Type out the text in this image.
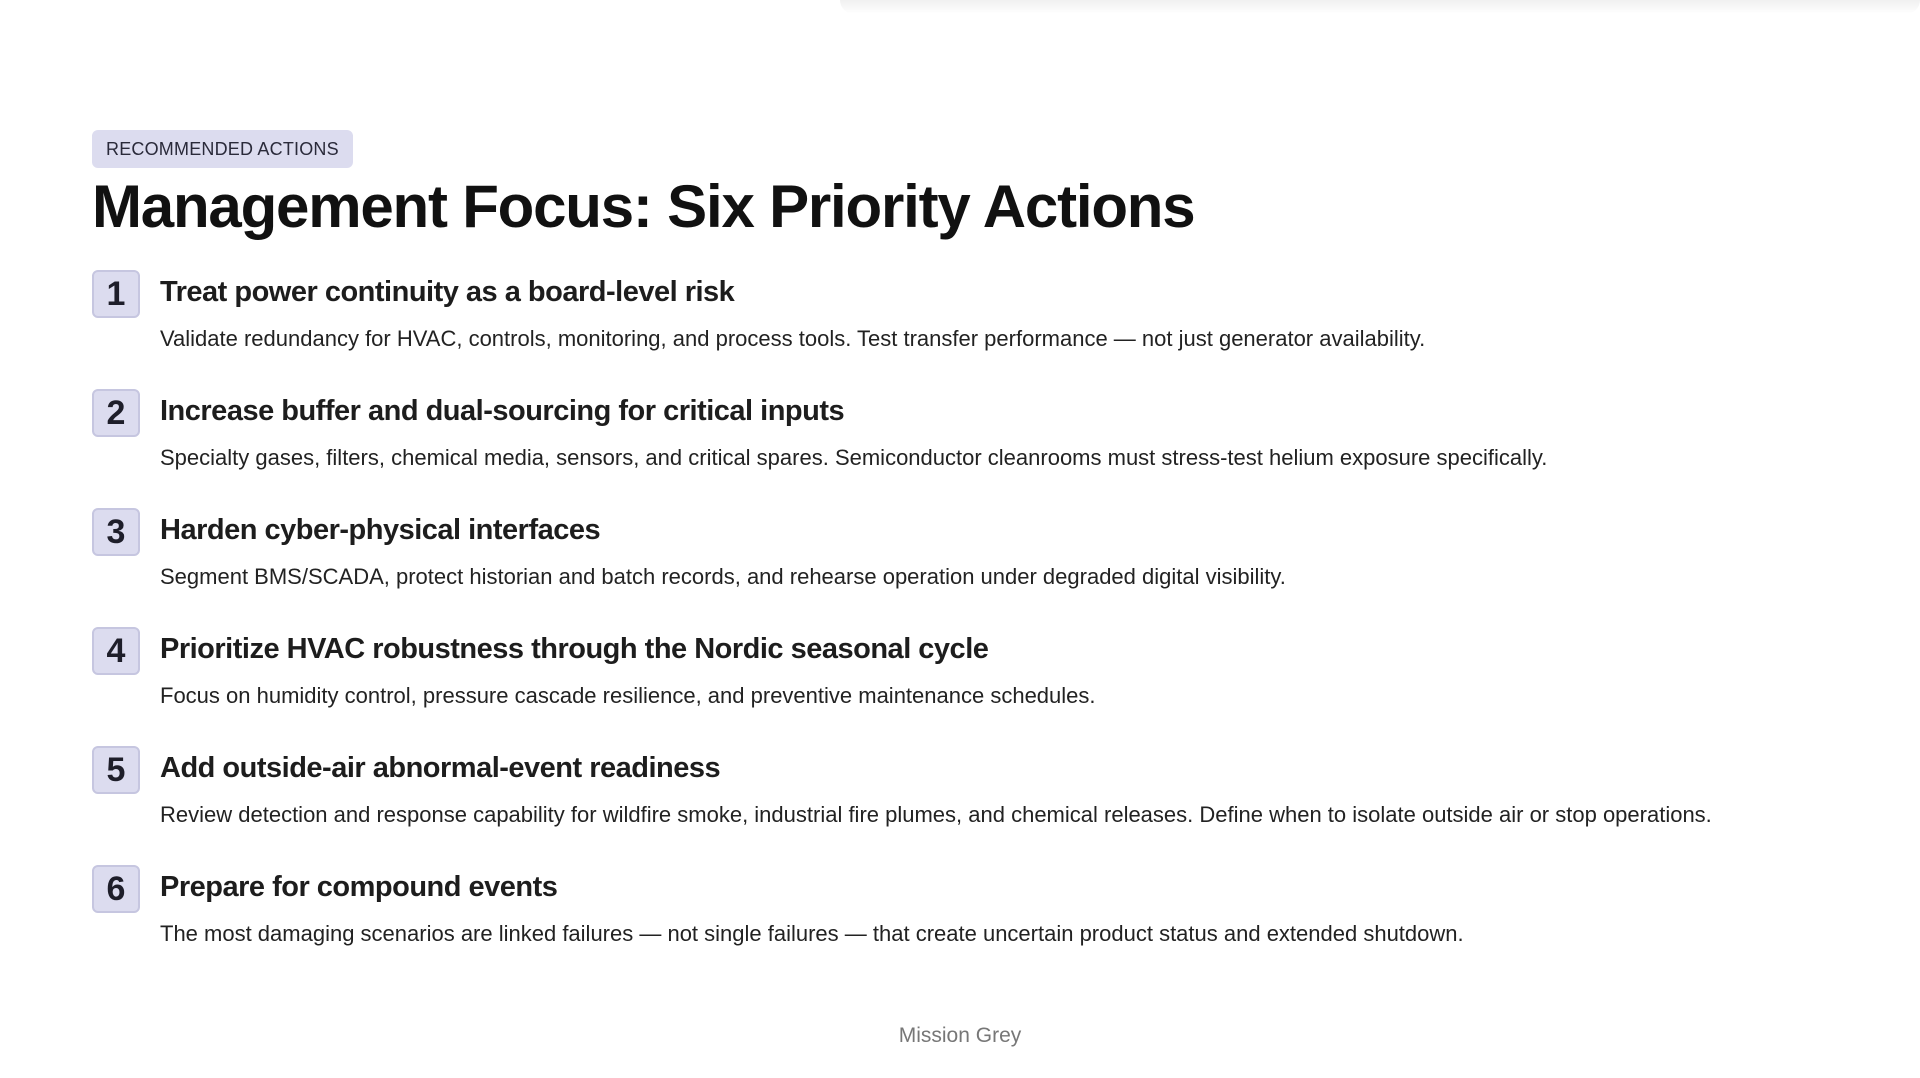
RECOMMENDED ACTIONS
Management Focus: Six Priority Actions
1	Treat power continuity as a board-level risk
Validate redundancy for HVAC, controls, monitoring, and process tools. Test transfer performance — not just generator availability.
2	Increase buffer and dual-sourcing for critical inputs
Specialty gases, filters, chemical media, sensors, and critical spares. Semiconductor cleanrooms must stress-test helium exposure specifically.
3	Harden cyber-physical interfaces
Segment BMS/SCADA, protect historian and batch records, and rehearse operation under degraded digital visibility.
4	Prioritize HVAC robustness through the Nordic seasonal cycle
Focus on humidity control, pressure cascade resilience, and preventive maintenance schedules.
5	Add outside-air abnormal-event readiness
Review detection and response capability for wildfire smoke, industrial fire plumes, and chemical releases. Define when to isolate outside air or stop operations.
6	Prepare for compound events
The most damaging scenarios are linked failures — not single failures — that create uncertain product status and extended shutdown.
Mission Grey
